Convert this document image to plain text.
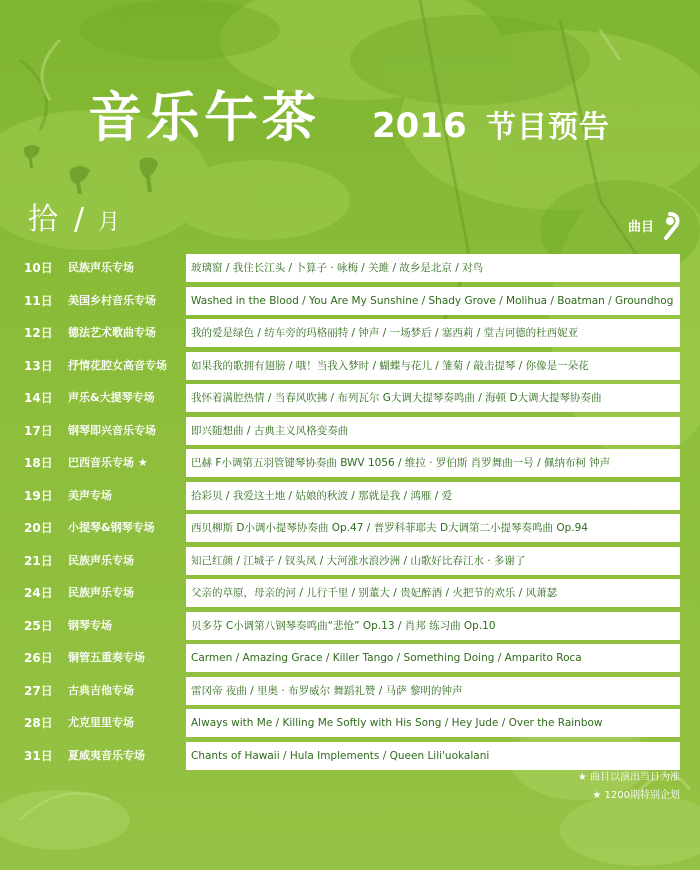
音乐午茶 2016 节目预告
拾 / 月	曲目
10日	民族声乐专场	玻璃窗 / 我住长江头 / 卜算子 · 咏梅 / 关雎 / 故乡是北京 / 对鸟
11日	美国乡村音乐专场	Washed in the Blood / You Are My Sunshine / Shady Grove / Molihua / Boatman / Groundhog
12日	德法艺术歌曲专场	我的爱是绿色 / 纺车旁的玛格丽特 / 钟声 / 一场梦后 / 塞西莉 / 堂吉诃德的杜西妮亚
13日	抒情花腔女高音专场	如果我的歌拥有翅膀 / 哦！当我入梦时 / 蝴蝶与花儿 / 雏菊 / 敲击提琴 / 你像是一朵花
14日	声乐&大提琴专场	我怀着满腔热情 / 当春风吹拂 / 布列瓦尔 G大调大提琴奏鸣曲 / 海顿 D大调大提琴协奏曲
17日	钢琴即兴音乐专场	即兴随想曲 / 古典主义风格变奏曲
18日	巴西音乐专场 ★	巴赫 F小调第五羽管键琴协奏曲 BWV 1056 / 维拉 · 罗伯斯 肖罗舞曲一号 / 佩纳布柯 钟声
19日	美声专场	拾彩贝 / 我爱这土地 / 姑娘的秋波 / 那就是我 / 鸿雁 / 爱
20日	小提琴&钢琴专场	西贝柳斯 D小调小提琴协奏曲 Op.47 / 普罗科菲耶夫 D大调第二小提琴奏鸣曲 Op.94
21日	民族声乐专场	知己红颜 / 江城子 / 钗头凤 / 大河涨水浪沙洲 / 山歌好比春江水 · 多谢了
24日	民族声乐专场	父亲的草原，母亲的河 / 儿行千里 / 别董大 / 贵妃醉酒 / 火把节的欢乐 / 风萧瑟
25日	钢琴专场	贝多芬 C小调第八钢琴奏鸣曲“悲怆” Op.13 / 肖邦 练习曲 Op.10
26日	铜管五重奏专场	Carmen / Amazing Grace / Killer Tango / Something Doing / Amparito Roca
27日	古典吉他专场	雷冈帝 夜曲 / 里奥 · 布罗威尔 舞蹈礼赞 / 马萨 黎明的钟声
28日	尤克里里专场	Always with Me / Killing Me Softly with His Song / Hey Jude / Over the Rainbow
31日	夏威夷音乐专场	Chants of Hawaii / Hula Implements / Queen Lili'uokalani
★ 曲目以演出当日为准
★ 1200期特别企划
